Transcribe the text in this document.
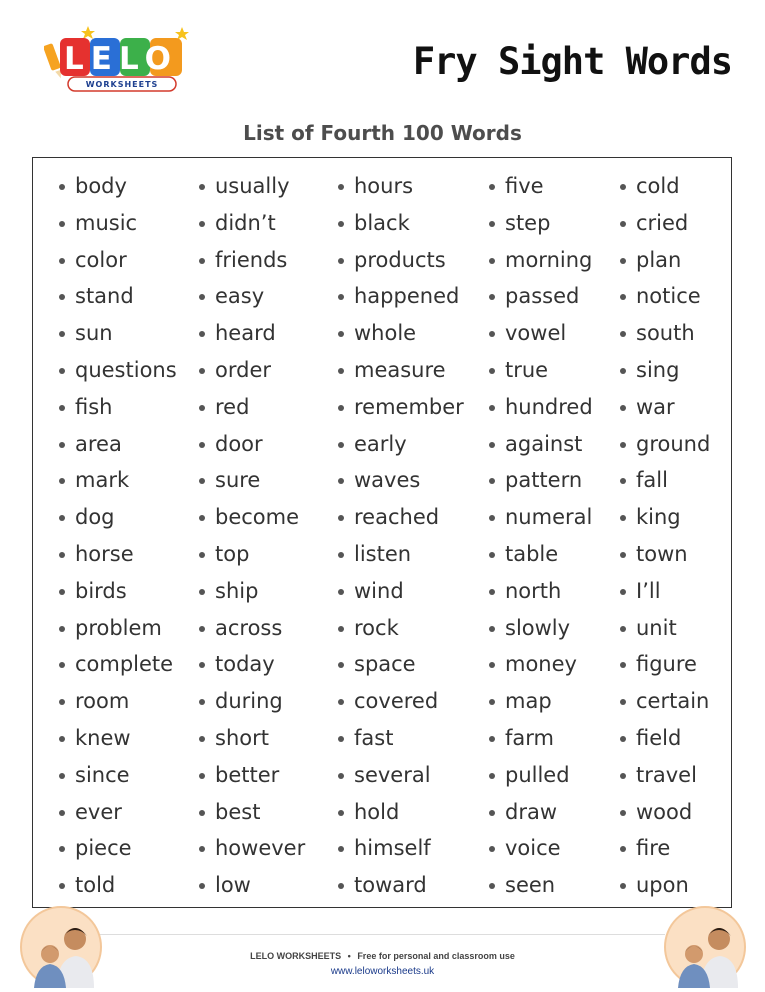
LELO
WORKSHEETS
Fry Sight Words
List of Fourth 100 Words
body
music
color
stand
sun
questions
fish
area
mark
dog
horse
birds
problem
complete
room
knew
since
ever
piece
told
usually
didn’t
friends
easy
heard
order
red
door
sure
become
top
ship
across
today
during
short
better
best
however
low
hours
black
products
happened
whole
measure
remember
early
waves
reached
listen
wind
rock
space
covered
fast
several
hold
himself
toward
five
step
morning
passed
vowel
true
hundred
against
pattern
numeral
table
north
slowly
money
map
farm
pulled
draw
voice
seen
cold
cried
plan
notice
south
sing
war
ground
fall
king
town
I’ll
unit
figure
certain
field
travel
wood
fire
upon
LELO WORKSHEETS • Free for personal and classroom use
www.leloworksheets.uk
